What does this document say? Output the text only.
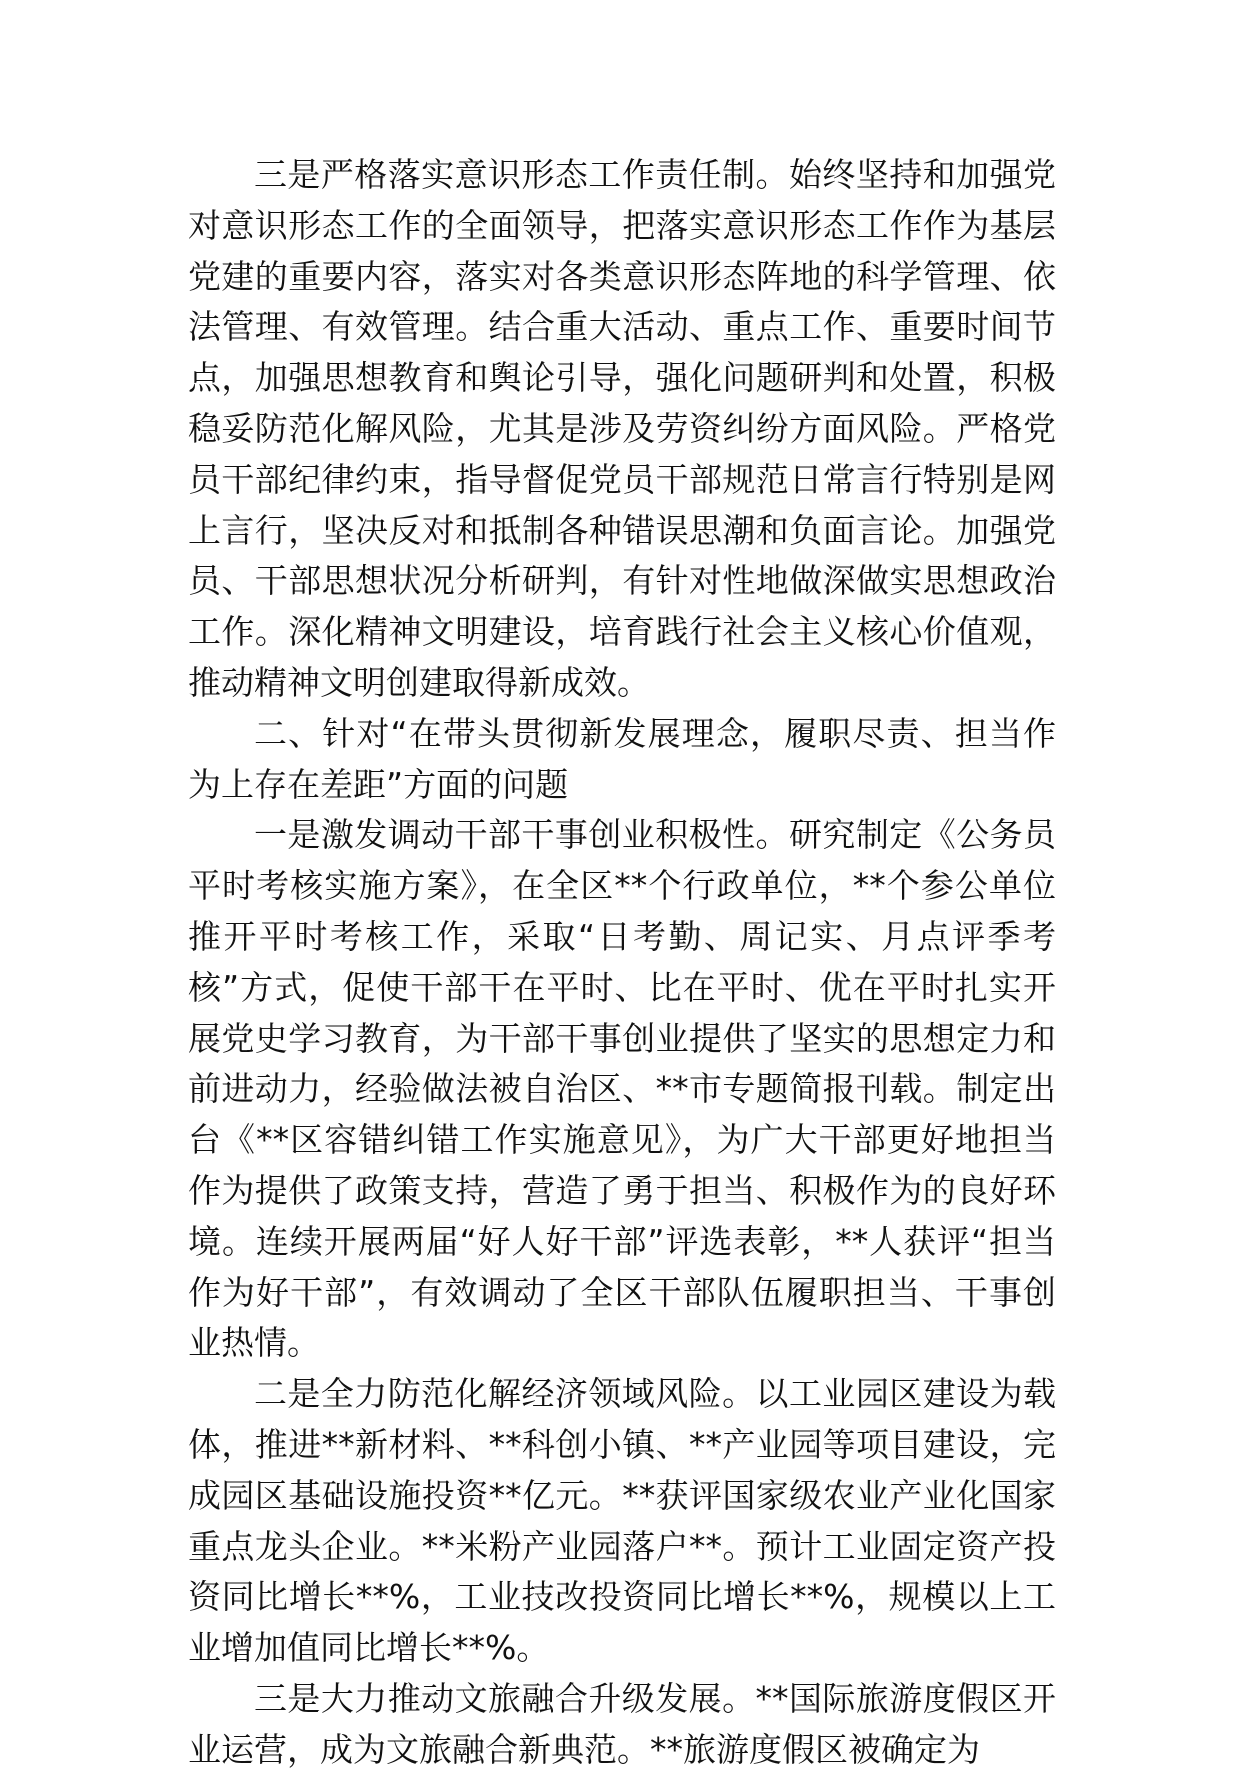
三是严格落实意识形态工作责任制。始终坚持和加强党对意识形态工作的全面领导，把落实意识形态工作作为基层党建的重要内容，落实对各类意识形态阵地的科学管理、依法管理、有效管理。结合重大活动、重点工作、重要时间节点，加强思想教育和舆论引导，强化问题研判和处置，积极稳妥防范化解风险，尤其是涉及劳资纠纷方面风险。严格党员干部纪律约束，指导督促党员干部规范日常言行特别是网上言行，坚决反对和抵制各种错误思潮和负面言论。加强党员、干部思想状况分析研判，有针对性地做深做实思想政治工作。深化精神文明建设，培育践行社会主义核心价值观，推动精神文明创建取得新成效。

二、针对“在带头贯彻新发展理念，履职尽责、担当作为上存在差距”方面的问题

一是激发调动干部干事创业积极性。研究制定《公务员平时考核实施方案》，在全区**个行政单位，**个参公单位推开平时考核工作，采取“日考勤、周记实、月点评季考核”方式，促使干部干在平时、比在平时、优在平时扎实开展党史学习教育，为干部干事创业提供了坚实的思想定力和前进动力，经验做法被自治区、**市专题简报刊载。制定出台《**区容错纠错工作实施意见》，为广大干部更好地担当作为提供了政策支持，营造了勇于担当、积极作为的良好环境。连续开展两届“好人好干部”评选表彰，**人获评“担当作为好干部”，有效调动了全区干部队伍履职担当、干事创业热情。

二是全力防范化解经济领域风险。以工业园区建设为载体，推进**新材料、**科创小镇、**产业园等项目建设，完成园区基础设施投资**亿元。**获评国家级农业产业化国家重点龙头企业。**米粉产业园落户**。预计工业固定资产投资同比增长**%，工业技改投资同比增长**%，规模以上工业增加值同比增长**%。

三是大力推动文旅融合升级发展。**国际旅游度假区开业运营，成为文旅融合新典范。**旅游度假区被确定为
